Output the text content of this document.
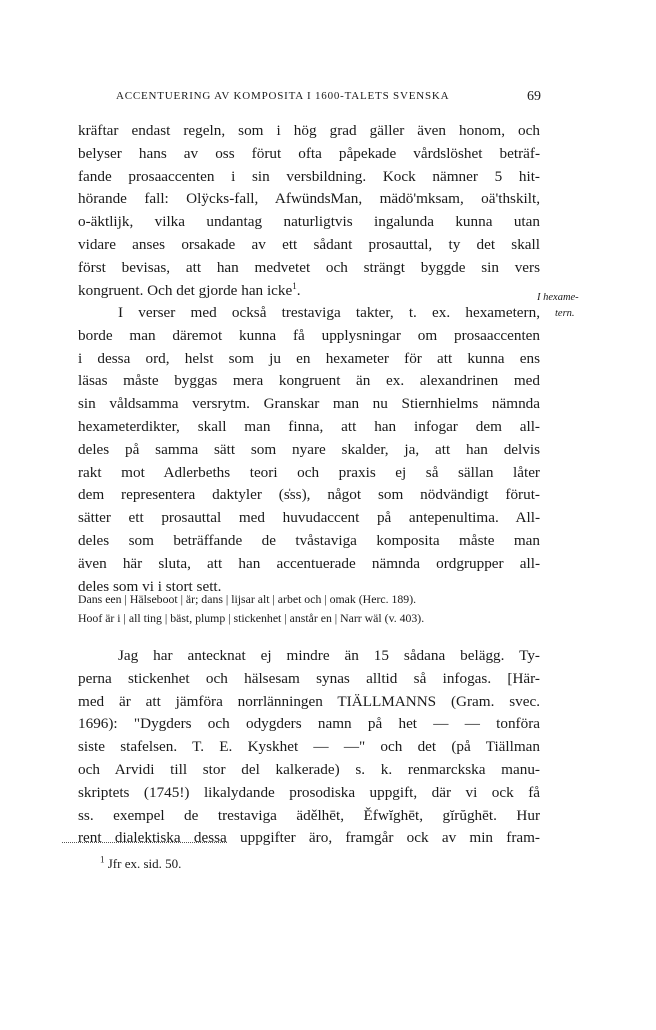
ACCENTUERING AV KOMPOSITA I 1600-TALETS SVENSKA	69
kräftar endast regeln, som i hög grad gäller även honom, och
belyser hans av oss förut ofta påpekade vårdslöshet beträf-
fande prosaaccenten i sin versbildning. Kock nämner 5 hit-
hörande fall: Olÿcks-fall, AfwündsMan, mädö'mksam, oä'thskilt,
o-äktlijk, vilka undantag naturligtvis ingalunda kunna utan
vidare anses orsakade av ett sådant prosauttal, ty det skall
först bevisas, att han medvetet och strängt byggde sin vers
kongruent. Och det gjorde han icke$^1$.
I verser med också trestaviga takter, t. ex. hexametern,
borde man däremot kunna få upplysningar om prosaaccenten
i dessa ord, helst som ju en hexameter för att kunna ens
läsas måste byggas mera kongruent än ex. alexandrinen med
sin våldsamma versrytm. Granskar man nu Stiernhielms nämnda
hexameterdikter, skall man finna, att han infogar dem all-
deles på samma sätt som nyare skalder, ja, att han delvis
rakt mot Adlerbeths teori och praxis ej så sällan låter
dem representera daktyler (s̍ss), något som nödvändigt förut-
sätter ett prosauttal med huvudaccent på antepenultima. All-
deles som beträffande de tvåstaviga komposita måste man
även här sluta, att han accentuerade nämnda ordgrupper all-
deles som vi i stort sett.
I hexame-
tern.
Dans een | Hälseboot | är; dans | lijsar alt | arbet och | omak (Herc. 189).
Hoof är i | all ting | bäst, plump | stickenhet | anstår en | Narr wäl (v. 403).
Jag har antecknat ej mindre än 15 sådana belägg. Ty-
perna stickenhet och hälsesam synas alltid så infogas. [Här-
med är att jämföra norrlänningen TIÄLLMANNS (Gram. svec.
1696): "Dygders och odygders namn på het — — tonföra
siste stafelsen. T. E. Kyskhet — —" och det (på Tiällman
och Arvidi till stor del kalkerade) s. k. renmarckska manu-
skriptets (1745!) likalydande prosodiska uppgift, där vi ock få
ss. exempel de trestaviga ädělhēt, Ěfwĭghēt, gĭrŭghēt. Hur
rent dialektiska dessa uppgifter äro, framgår ock av min fram-
$^1$ Jfr ex. sid. 50.
